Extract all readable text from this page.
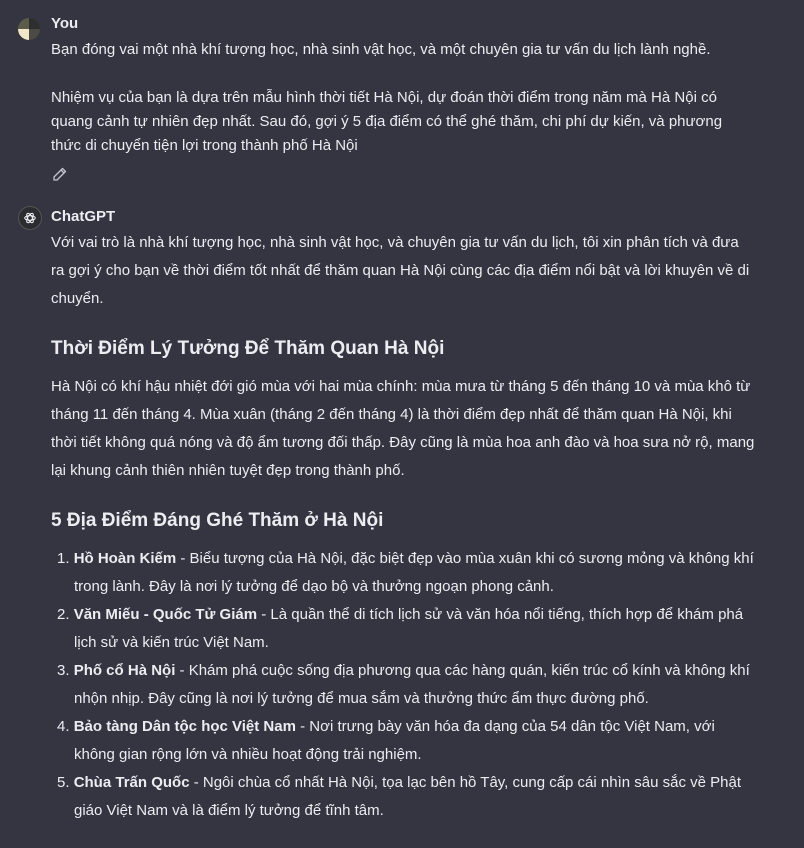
You
Bạn đóng vai một nhà khí tượng học, nhà sinh vật học, và một chuyên gia tư vấn du lịch lành nghề.
Nhiệm vụ của bạn là dựa trên mẫu hình thời tiết Hà Nội, dự đoán thời điểm trong năm mà Hà Nội có quang cảnh tự nhiên đẹp nhất. Sau đó, gợi ý 5 địa điểm có thể ghé thăm, chi phí dự kiến, và phương thức di chuyển tiện lợi trong thành phố Hà Nội
ChatGPT

Với vai trò là nhà khí tượng học, nhà sinh vật học, và chuyên gia tư vấn du lịch, tôi xin phân tích và đưa ra gợi ý cho bạn về thời điểm tốt nhất để thăm quan Hà Nội cùng các địa điểm nổi bật và lời khuyên về di chuyển.

Thời Điểm Lý Tưởng Để Thăm Quan Hà Nội

Hà Nội có khí hậu nhiệt đới gió mùa với hai mùa chính: mùa mưa từ tháng 5 đến tháng 10 và mùa khô từ tháng 11 đến tháng 4. Mùa xuân (tháng 2 đến tháng 4) là thời điểm đẹp nhất để thăm quan Hà Nội, khi thời tiết không quá nóng và độ ẩm tương đối thấp. Đây cũng là mùa hoa anh đào và hoa sưa nở rộ, mang lại khung cảnh thiên nhiên tuyệt đẹp trong thành phố.

5 Địa Điểm Đáng Ghé Thăm ở Hà Nội
1. Hồ Hoàn Kiếm - Biểu tượng của Hà Nội, đặc biệt đẹp vào mùa xuân khi có sương mỏng và không khí trong lành. Đây là nơi lý tưởng để dạo bộ và thưởng ngoạn phong cảnh.
2. Văn Miếu - Quốc Tử Giám - Là quần thể di tích lịch sử và văn hóa nổi tiếng, thích hợp để khám phá lịch sử và kiến trúc Việt Nam.
3. Phố cổ Hà Nội - Khám phá cuộc sống địa phương qua các hàng quán, kiến trúc cổ kính và không khí nhộn nhịp. Đây cũng là nơi lý tưởng để mua sắm và thưởng thức ẩm thực đường phố.
4. Bảo tàng Dân tộc học Việt Nam - Nơi trưng bày văn hóa đa dạng của 54 dân tộc Việt Nam, với không gian rộng lớn và nhiều hoạt động trải nghiệm.
5. Chùa Trấn Quốc - Ngôi chùa cổ nhất Hà Nội, tọa lạc bên hồ Tây, cung cấp cái nhìn sâu sắc về Phật giáo Việt Nam và là điểm lý tưởng để tĩnh tâm.
